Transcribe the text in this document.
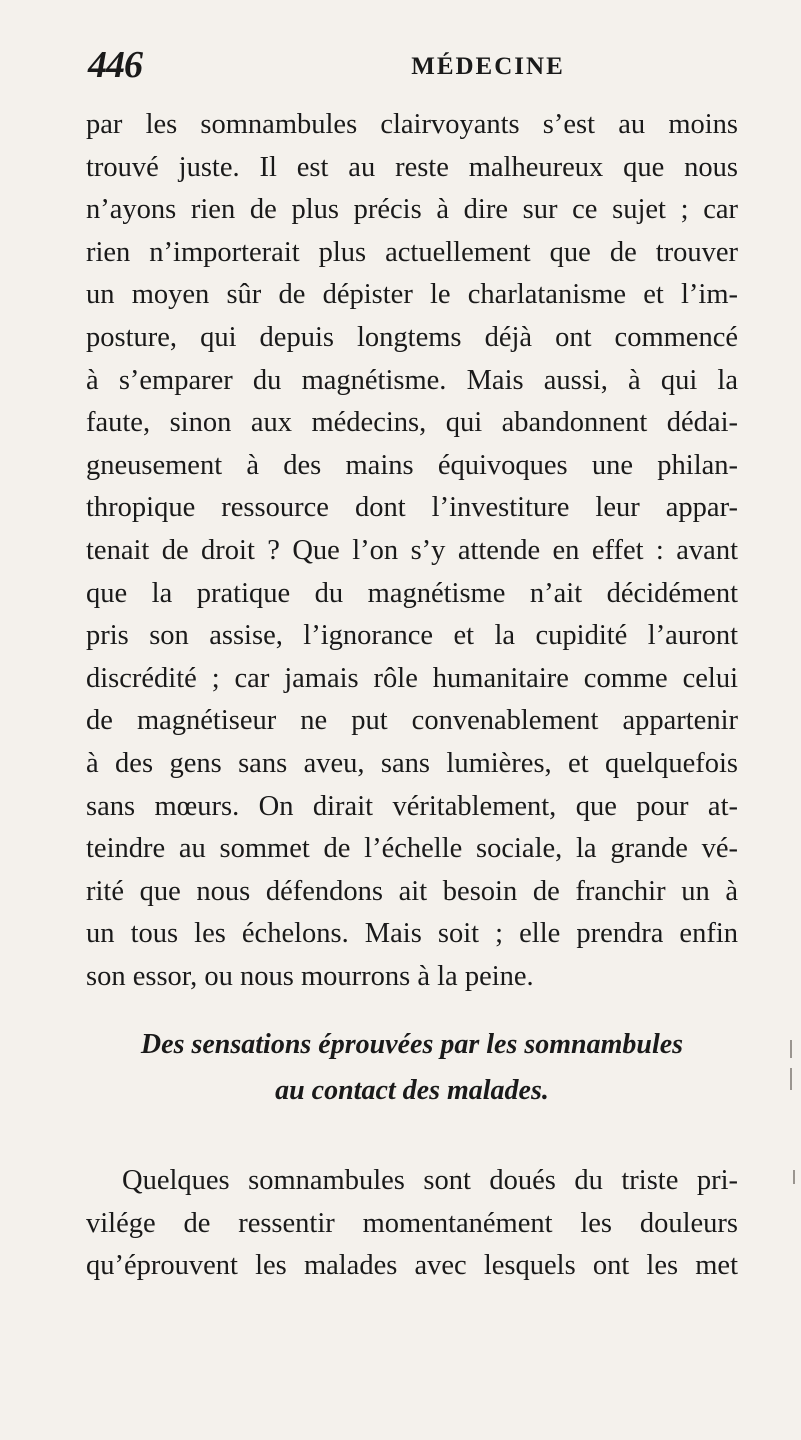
446	MÉDECINE
par les somnambules clairvoyants s’est au moins
trouvé juste. Il est au reste malheureux que nous
n’ayons rien de plus précis à dire sur ce sujet ; car
rien n’importerait plus actuellement que de trouver
un moyen sûr de dépister le charlatanisme et l’im-
posture, qui depuis longtems déjà ont commencé
à s’emparer du magnétisme. Mais aussi, à qui la
faute, sinon aux médecins, qui abandonnent dédai-
gneusement à des mains équivoques une philan-
thropique ressource dont l’investiture leur appar-
tenait de droit ? Que l’on s’y attende en effet : avant
que la pratique du magnétisme n’ait décidément
pris son assise, l’ignorance et la cupidité l’auront
discrédité ; car jamais rôle humanitaire comme celui
de magnétiseur ne put convenablement appartenir
à des gens sans aveu, sans lumières, et quelquefois
sans mœurs. On dirait véritablement, que pour at-
teindre au sommet de l’échelle sociale, la grande vé-
rité que nous défendons ait besoin de franchir un à
un tous les échelons. Mais soit ; elle prendra enfin
son essor, ou nous mourrons à la peine.
Des sensations éprouvées par les somnambules
au contact des malades.
Quelques somnambules sont doués du triste pri-
vilége de ressentir momentanément les douleurs
qu’éprouvent les malades avec lesquels ont les met
